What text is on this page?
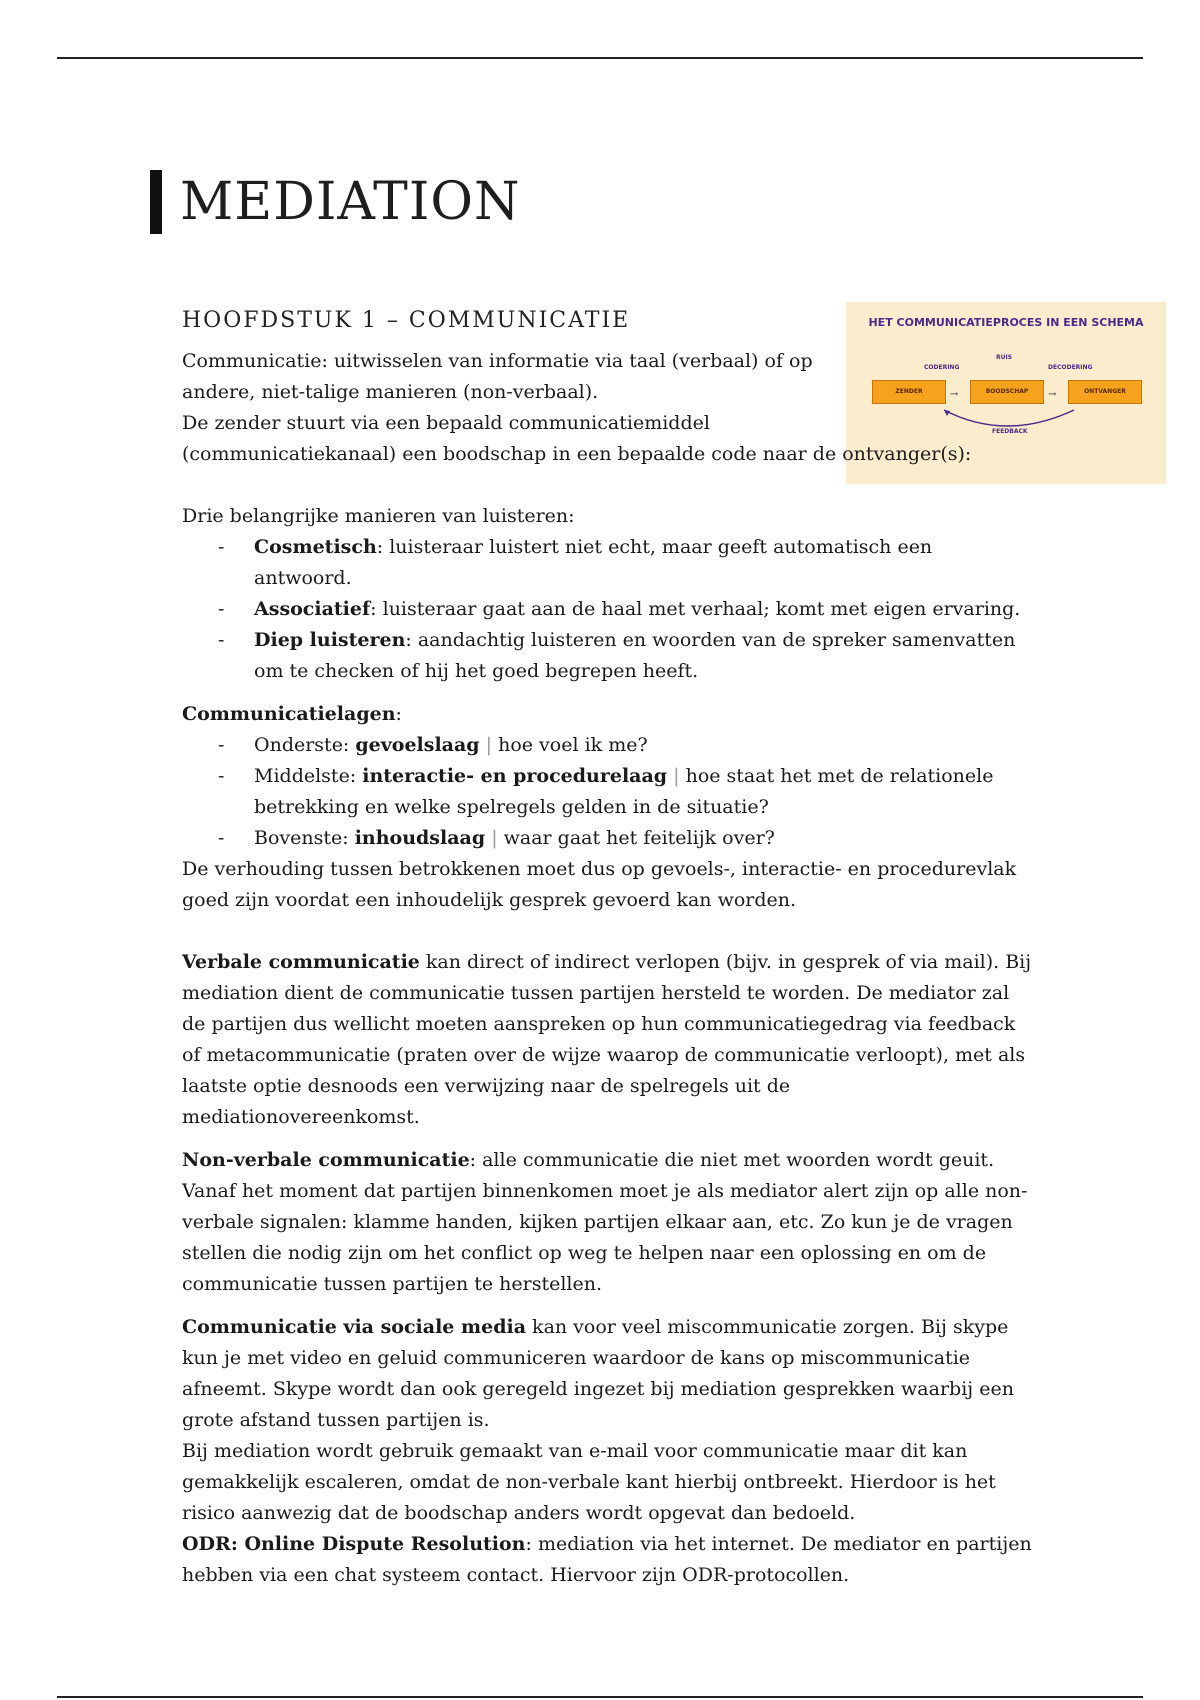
MEDIATION
HOOFDSTUK 1 – COMMUNICATIE	HET COMMUNICATIEPROCES IN EEN SCHEMA
CODERING
RUIS
DECODERING
ZENDER	→	BOODSCHAP	→	ONTVANGER
FEEDBACK

Communicatie: uitwisselen van informatie via taal (verbaal) of op

andere, niet-talige manieren (non-verbaal).

De zender stuurt via een bepaald communicatiemiddel

(communicatiekanaal) een boodschap in een bepaalde code naar de ontvanger(s):

Drie belangrijke manieren van luisteren:

- Cosmetisch: luisteraar luistert niet echt, maar geeft automatisch een antwoord.
- Associatief: luisteraar gaat aan de haal met verhaal; komt met eigen ervaring.
- Diep luisteren: aandachtig luisteren en woorden van de spreker samenvatten om te checken of hij het goed begrepen heeft.

Communicatielagen:

- Onderste: gevoelslaag | hoe voel ik me?
- Middelste: interactie- en procedurelaag | hoe staat het met de relationele betrekking en welke spelregels gelden in de situatie?
- Bovenste: inhoudslaag | waar gaat het feitelijk over?

De verhouding tussen betrokkenen moet dus op gevoels-, interactie- en procedurevlak goed zijn voordat een inhoudelijk gesprek gevoerd kan worden.

Verbale communicatie kan direct of indirect verlopen (bijv. in gesprek of via mail). Bij mediation dient de communicatie tussen partijen hersteld te worden. De mediator zal de partijen dus wellicht moeten aanspreken op hun communicatiegedrag via feedback of metacommunicatie (praten over de wijze waarop de communicatie verloopt), met als laatste optie desnoods een verwijzing naar de spelregels uit de mediationovereenkomst.

Non-verbale communicatie: alle communicatie die niet met woorden wordt geuit. Vanaf het moment dat partijen binnenkomen moet je als mediator alert zijn op alle non-verbale signalen: klamme handen, kijken partijen elkaar aan, etc. Zo kun je de vragen stellen die nodig zijn om het conflict op weg te helpen naar een oplossing en om de communicatie tussen partijen te herstellen.

Communicatie via sociale media kan voor veel miscommunicatie zorgen. Bij skype kun je met video en geluid communiceren waardoor de kans op miscommunicatie afneemt. Skype wordt dan ook geregeld ingezet bij mediation gesprekken waarbij een grote afstand tussen partijen is.

Bij mediation wordt gebruik gemaakt van e-mail voor communicatie maar dit kan gemakkelijk escaleren, omdat de non-verbale kant hierbij ontbreekt. Hierdoor is het risico aanwezig dat de boodschap anders wordt opgevat dan bedoeld.

ODR: Online Dispute Resolution: mediation via het internet. De mediator en partijen hebben via een chat systeem contact. Hiervoor zijn ODR-protocollen.
